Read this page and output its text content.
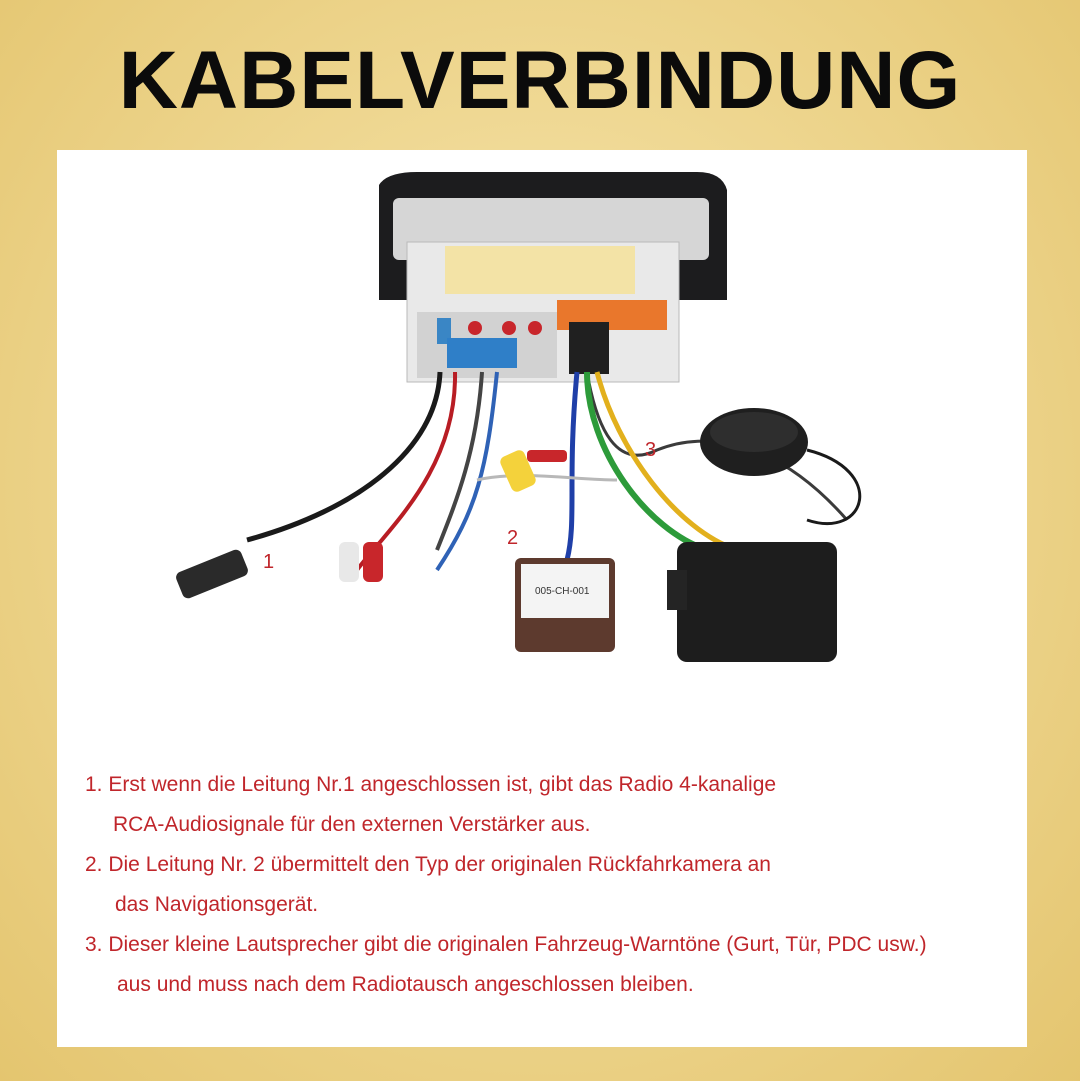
KABELVERBINDUNG
005-CH-001
1
2
3
1. Erst wenn die Leitung Nr.1 angeschlossen ist, gibt das Radio 4-kanalige
RCA-Audiosignale für den externen Verstärker aus.
2. Die Leitung Nr. 2 übermittelt den Typ der originalen Rückfahrkamera an
das Navigationsgerät.
3. Dieser kleine Lautsprecher gibt die originalen Fahrzeug-Warntöne (Gurt, Tür, PDC usw.)
aus und muss nach dem Radiotausch angeschlossen bleiben.
